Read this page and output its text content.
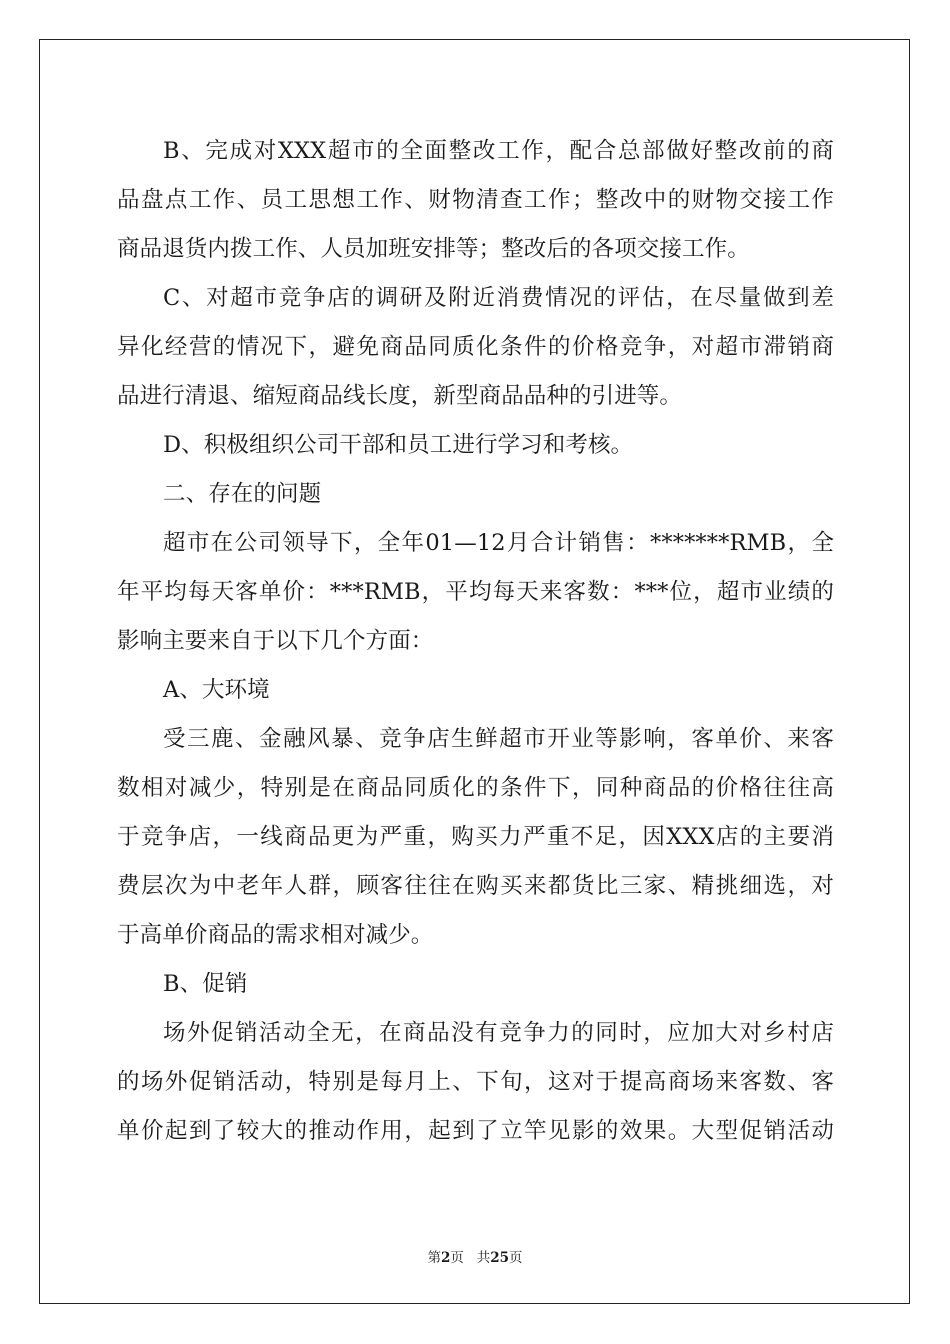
B、完成对XXX超市的全面整改工作，配合总部做好整改前的商
品盘点工作、员工思想工作、财物清查工作；整改中的财物交接工作
商品退货内拨工作、人员加班安排等；整改后的各项交接工作。
C、对超市竞争店的调研及附近消费情况的评估，在尽量做到差
异化经营的情况下，避免商品同质化条件的价格竞争，对超市滞销商
品进行清退、缩短商品线长度，新型商品品种的引进等。
D、积极组织公司干部和员工进行学习和考核。
二、存在的问题
超市在公司领导下，全年01—12月合计销售：*******RMB，全
年平均每天客单价：***RMB，平均每天来客数：***位，超市业绩的
影响主要来自于以下几个方面：
A、大环境
受三鹿、金融风暴、竞争店生鲜超市开业等影响，客单价、来客
数相对减少，特别是在商品同质化的条件下，同种商品的价格往往高
于竞争店，一线商品更为严重，购买力严重不足，因XXX店的主要消
费层次为中老年人群，顾客往往在购买来都货比三家、精挑细选，对
于高单价商品的需求相对减少。
B、促销
场外促销活动全无，在商品没有竞争力的同时，应加大对乡村店
的场外促销活动，特别是每月上、下旬，这对于提高商场来客数、客
单价起到了较大的推动作用，起到了立竿见影的效果。大型促销活动
第2页 共25页
